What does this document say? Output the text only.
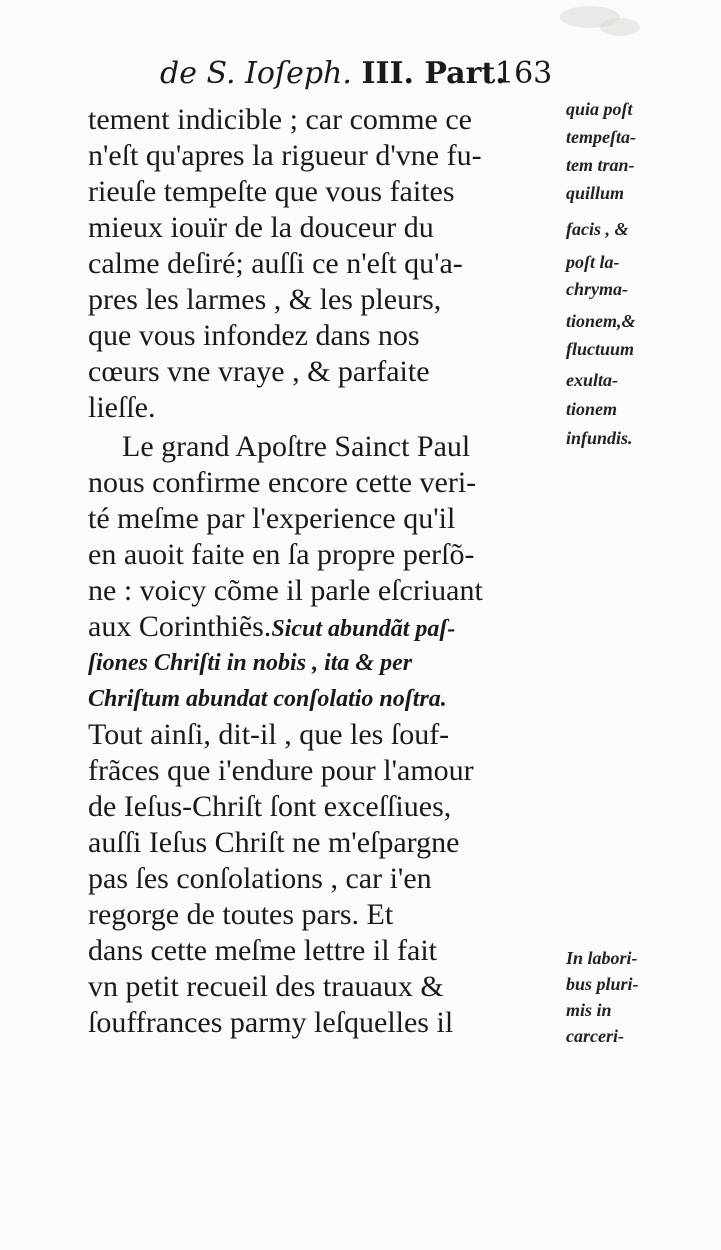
de S. Ioſeph. III. Part.
163
tement indicible ; car comme ce
n'eſt qu'apres la rigueur d'vne fu-
rieuſe tempeſte que vous faites
mieux iouïr de la douceur du
calme deſiré; auſſi ce n'eſt qu'a-
pres les larmes , & les pleurs,
que vous infondez dans nos
cœurs vne vraye , & parfaite
lieſſe.
Le grand Apoſtre Sainct Paul
nous confirme encore cette veri-
té meſme par l'experience qu'il
en auoit faite en ſa propre perſõ-
ne : voicy cõme il parle eſcriuant
aux Corinthiẽs.Sicut abundãt paſ-
ſiones Chriſti in nobis , ita & per
Chriſtum abundat conſolatio noſtra.
Tout ainſi, dit-il , que les ſouf-
frãces que i'endure pour l'amour
de Ieſus-Chriſt ſont exceſſiues,
auſſi Ieſus Chriſt ne m'eſpargne
pas ſes conſolations , car i'en
regorge de toutes pars. Et
dans cette meſme lettre il fait
vn petit recueil des trauaux &
ſouffrances parmy leſquelles il
quia poſt
tempeſta-
tem tran-
quillum
facis , &
poſt la-
chryma-
tionem,&
fluctuum
exulta-
tionem
infundis.
In labori-
bus pluri-
mis in
carceri-
